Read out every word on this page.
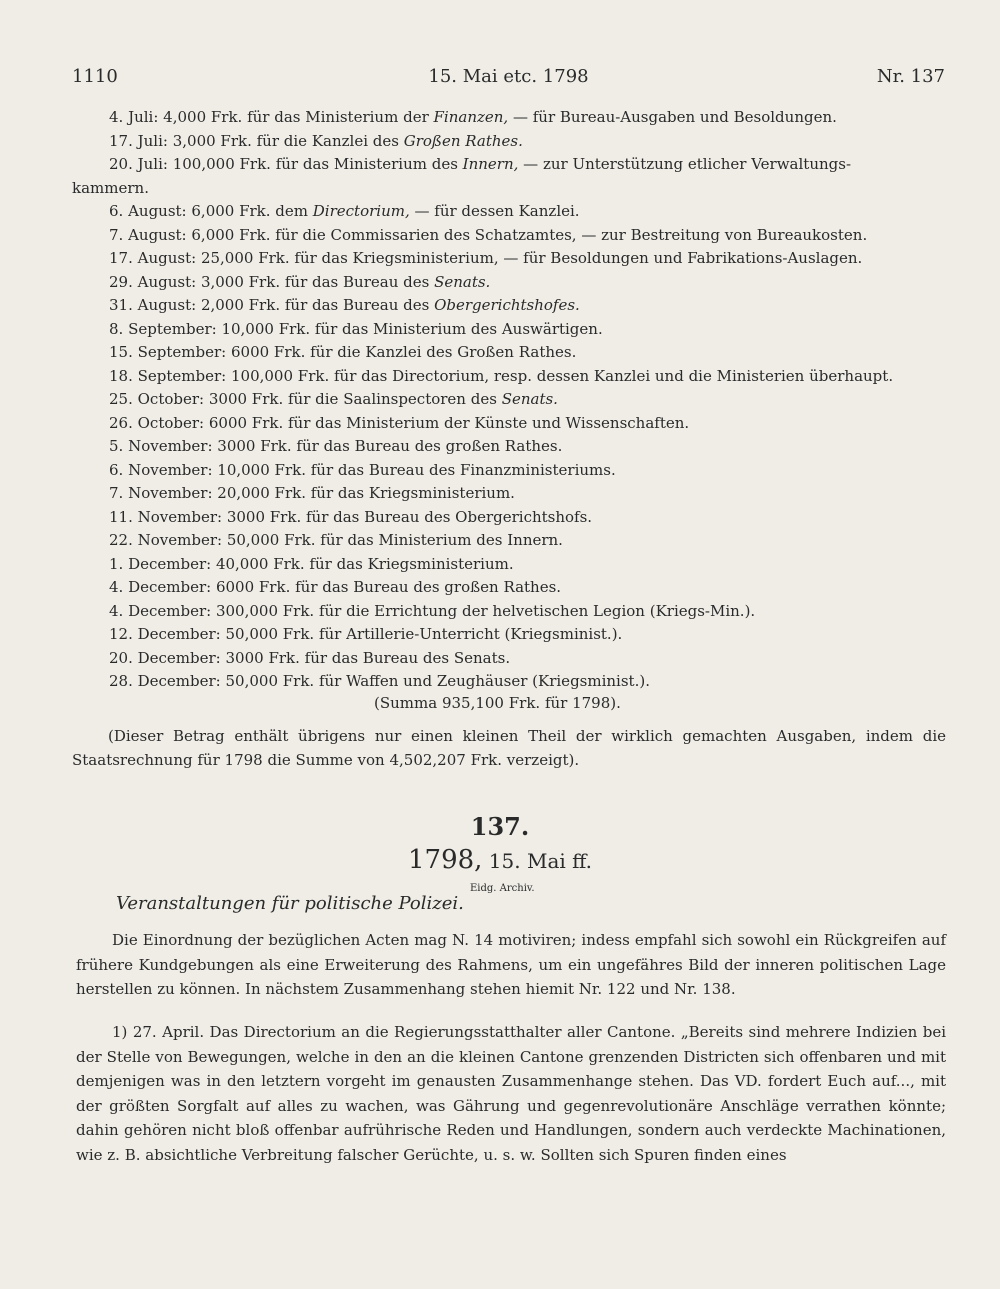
1110	15. Mai etc. 1798	Nr. 137
4. Juli: 4,000 Frk. für das Ministerium der Finanzen, — für Bureau-Ausgaben und Besoldungen.
17. Juli: 3,000 Frk. für die Kanzlei des Großen Rathes.
20. Juli: 100,000 Frk. für das Ministerium des Innern, — zur Unterstützung etlicher Verwaltungs-
kammern.
6. August: 6,000 Frk. dem Directorium, — für dessen Kanzlei.
7. August: 6,000 Frk. für die Commissarien des Schatzamtes, — zur Bestreitung von Bureaukosten.
17. August: 25,000 Frk. für das Kriegsministerium, — für Besoldungen und Fabrikations-Auslagen.
29. August: 3,000 Frk. für das Bureau des Senats.
31. August: 2,000 Frk. für das Bureau des Obergerichtshofes.
8. September: 10,000 Frk. für das Ministerium des Auswärtigen.
15. September: 6000 Frk. für die Kanzlei des Großen Rathes.
18. September: 100,000 Frk. für das Directorium, resp. dessen Kanzlei und die Ministerien überhaupt.
25. October: 3000 Frk. für die Saalinspectoren des Senats.
26. October: 6000 Frk. für das Ministerium der Künste und Wissenschaften.
5. November: 3000 Frk. für das Bureau des großen Rathes.
6. November: 10,000 Frk. für das Bureau des Finanzministeriums.
7. November: 20,000 Frk. für das Kriegsministerium.
11. November: 3000 Frk. für das Bureau des Obergerichtshofs.
22. November: 50,000 Frk. für das Ministerium des Innern.
1. December: 40,000 Frk. für das Kriegsministerium.
4. December: 6000 Frk. für das Bureau des großen Rathes.
4. December: 300,000 Frk. für die Errichtung der helvetischen Legion (Kriegs-Min.).
12. December: 50,000 Frk. für Artillerie-Unterricht (Kriegsminist.).
20. December: 3000 Frk. für das Bureau des Senats.
28. December: 50,000 Frk. für Waffen und Zeughäuser (Kriegsminist.).
(Summa 935,100 Frk. für 1798).
(Dieser Betrag enthält übrigens nur einen kleinen Theil der wirklich gemachten Ausgaben, indem die Staatsrechnung für 1798 die Summe von 4,502,207 Frk. verzeigt).
137.
1798, 15. Mai ff.
Eidg. Archiv.
Veranstaltungen für politische Polizei.
Die Einordnung der bezüglichen Acten mag N. 14 motiviren; indess empfahl sich sowohl ein Rückgreifen auf frühere Kundgebungen als eine Erweiterung des Rahmens, um ein ungefähres Bild der inneren politischen Lage herstellen zu können. In nächstem Zusammenhang stehen hiemit Nr. 122 und Nr. 138.
1) 27. April. Das Directorium an die Regierungsstatthalter aller Cantone. „Bereits sind mehrere Indizien bei der Stelle von Bewegungen, welche in den an die kleinen Cantone grenzenden Districten sich offenbaren und mit demjenigen was in den letztern vorgeht im genausten Zusammenhange stehen. Das VD. fordert Euch auf..., mit der größten Sorgfalt auf alles zu wachen, was Gährung und gegenrevolutionäre Anschläge verrathen könnte; dahin gehören nicht bloß offenbar aufrührische Reden und Handlungen, sondern auch verdeckte Machinationen, wie z. B. absichtliche Verbreitung falscher Gerüchte, u. s. w. Sollten sich Spuren finden eines
